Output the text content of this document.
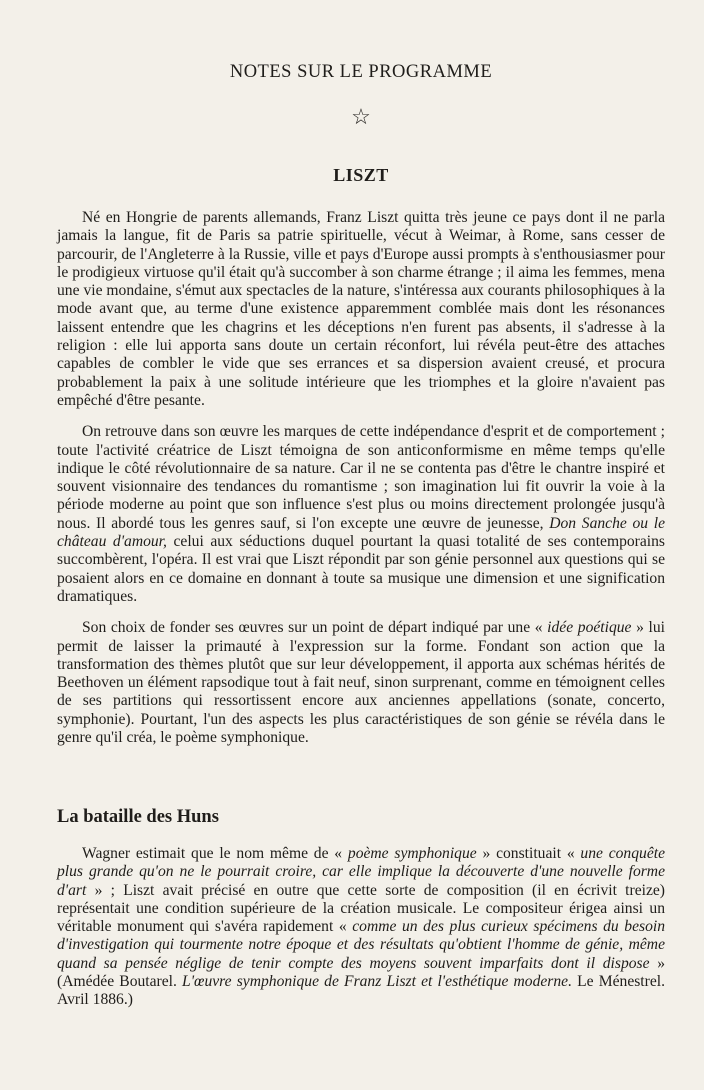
NOTES SUR LE PROGRAMME
☆
LISZT

Né en Hongrie de parents allemands, Franz Liszt quitta très jeune ce pays dont il ne parla jamais la langue, fit de Paris sa patrie spirituelle, vécut à Weimar, à Rome, sans cesser de parcourir, de l'Angleterre à la Russie, ville et pays d'Europe aussi prompts à s'enthousiasmer pour le prodigieux virtuose qu'il était qu'à succomber à son charme étrange ; il aima les femmes, mena une vie mondaine, s'émut aux spectacles de la nature, s'intéressa aux courants philosophiques à la mode avant que, au terme d'une existence apparemment comblée mais dont les résonances laissent entendre que les chagrins et les déceptions n'en furent pas absents, il s'adresse à la religion : elle lui apporta sans doute un certain réconfort, lui révéla peut-être des attaches capables de combler le vide que ses errances et sa dispersion avaient creusé, et procura probablement la paix à une solitude intérieure que les triomphes et la gloire n'avaient pas empêché d'être pesante.

On retrouve dans son œuvre les marques de cette indépendance d'esprit et de comportement ; toute l'activité créatrice de Liszt témoigna de son anticonformisme en même temps qu'elle indique le côté révolutionnaire de sa nature. Car il ne se contenta pas d'être le chantre inspiré et souvent visionnaire des tendances du romantisme ; son imagination lui fit ouvrir la voie à la période moderne au point que son influence s'est plus ou moins directement prolongée jusqu'à nous. Il abordé tous les genres sauf, si l'on excepte une œuvre de jeunesse, Don Sanche ou le château d'amour, celui aux séductions duquel pourtant la quasi totalité de ses contemporains succombèrent, l'opéra. Il est vrai que Liszt répondit par son génie personnel aux questions qui se posaient alors en ce domaine en donnant à toute sa musique une dimension et une signification dramatiques.

Son choix de fonder ses œuvres sur un point de départ indiqué par une « idée poétique » lui permit de laisser la primauté à l'expression sur la forme. Fondant son action que la transformation des thèmes plutôt que sur leur développement, il apporta aux schémas hérités de Beethoven un élément rapsodique tout à fait neuf, sinon surprenant, comme en témoignent celles de ses partitions qui ressortissent encore aux anciennes appellations (sonate, concerto, symphonie). Pourtant, l'un des aspects les plus caractéristiques de son génie se révéla dans le genre qu'il créa, le poème symphonique.

La bataille des Huns

Wagner estimait que le nom même de « poème symphonique » constituait « une conquête plus grande qu'on ne le pourrait croire, car elle implique la découverte d'une nouvelle forme d'art » ; Liszt avait précisé en outre que cette sorte de composition (il en écrivit treize) représentait une condition supérieure de la création musicale. Le compositeur érigea ainsi un véritable monument qui s'avéra rapidement « comme un des plus curieux spécimens du besoin d'investigation qui tourmente notre époque et des résultats qu'obtient l'homme de génie, même quand sa pensée néglige de tenir compte des moyens souvent imparfaits dont il dispose » (Amédée Boutarel. L'œuvre symphonique de Franz Liszt et l'esthétique moderne. Le Ménestrel. Avril 1886.)
